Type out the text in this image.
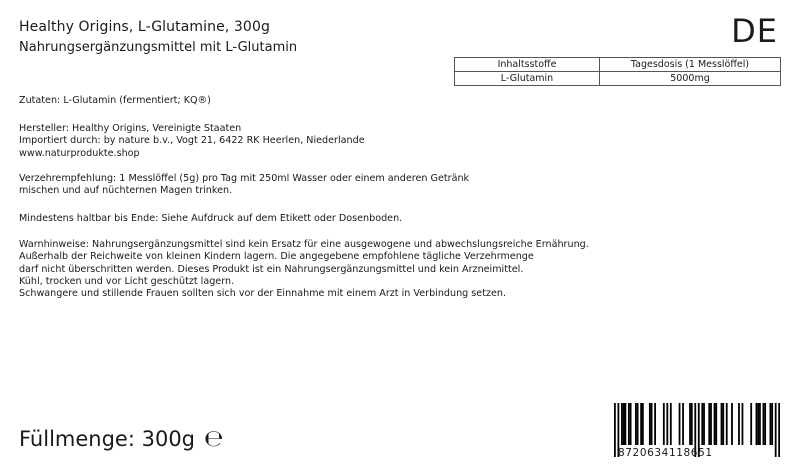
Healthy Origins, L-Glutamine, 300g
Nahrungsergänzungsmittel mit L-Glutamin	DE
Inhaltsstoffe	Tagesdosis (1 Messlöffel)
L-Glutamin	5000mg
Zutaten: L-Glutamin (fermentiert; KQ®)
Hersteller: Healthy Origins, Vereinigte Staaten
Importiert durch: by nature b.v., Vogt 21, 6422 RK Heerlen, Niederlande
www.naturprodukte.shop
Verzehrempfehlung: 1 Messlöffel (5g) pro Tag mit 250ml Wasser oder einem anderen Getränk
mischen und auf nüchternen Magen trinken.
Mindestens haltbar bis Ende: Siehe Aufdruck auf dem Etikett oder Dosenboden.
Warnhinweise: Nahrungsergänzungsmittel sind kein Ersatz für eine ausgewogene und abwechslungsreiche Ernährung.
Außerhalb der Reichweite von kleinen Kindern lagern. Die angegebene empfohlene tägliche Verzehrmenge
darf nicht überschritten werden. Dieses Produkt ist ein Nahrungsergänzungsmittel und kein Arzneimittel.
Kühl, trocken und vor Licht geschützt lagern.
Schwangere und stillende Frauen sollten sich vor der Einnahme mit einem Arzt in Verbindung setzen.
Füllmenge: 300g ℮
8720634118651
